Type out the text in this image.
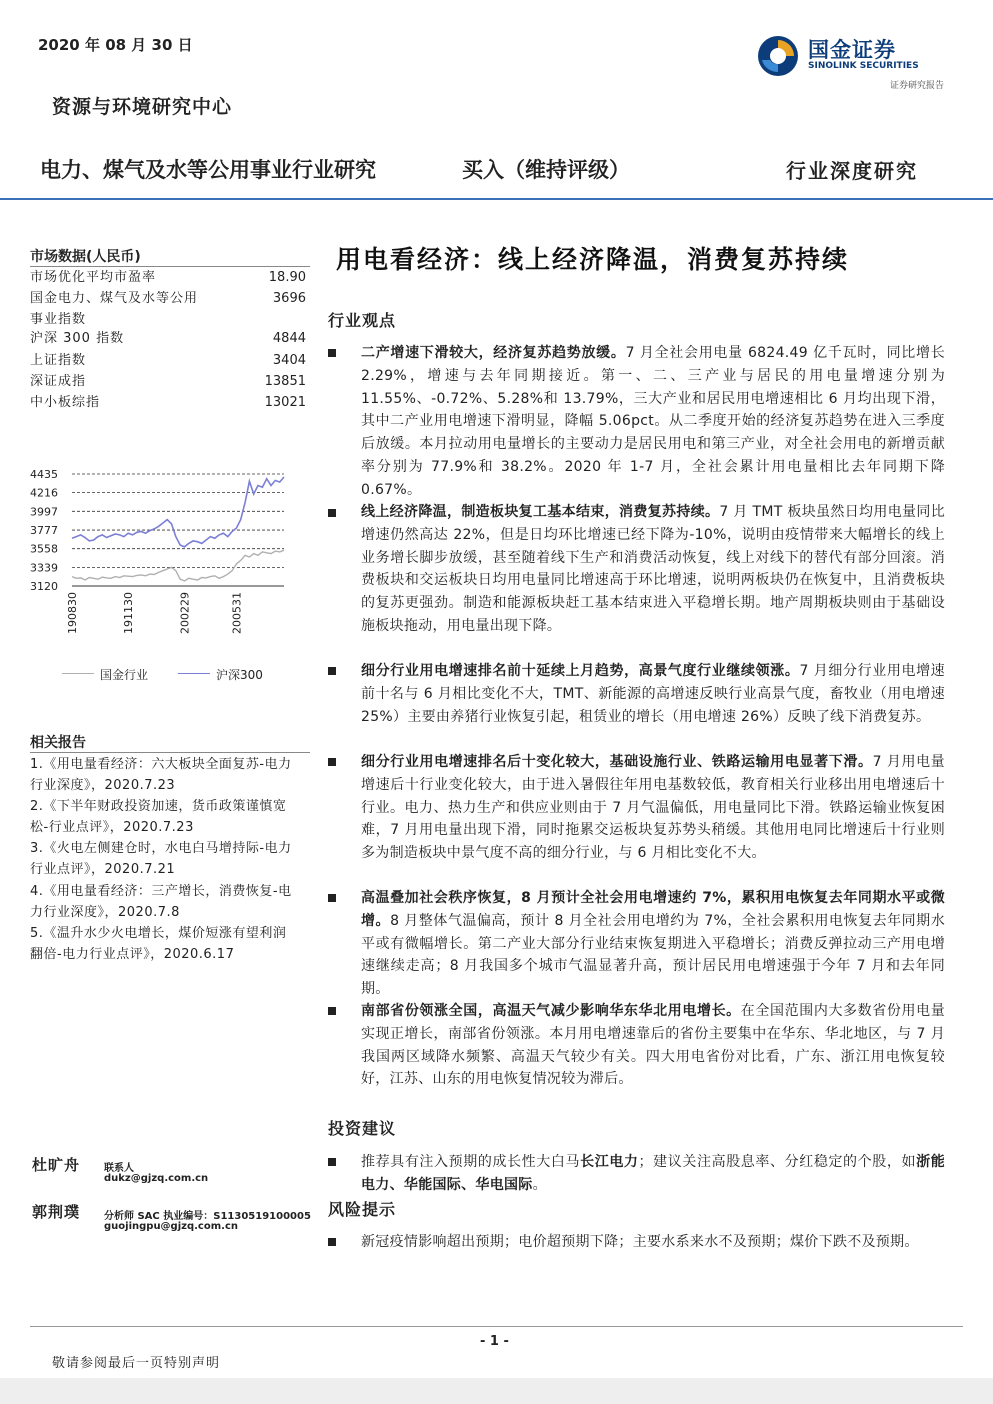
2020 年 08 月 30 日	国金证券
SINOLINK SECURITIES
证券研究报告
资源与环境研究中心
电力、煤气及水等公用事业行业研究	买入（维持评级）	行业深度研究
市场数据(人民币)
市场优化平均市盈率	18.90
国金电力、煤气及水等公用	3696
事业指数
沪深 300 指数	4844
上证指数	3404
深证成指	13851
中小板综指	13021
4435
4216
3997
3777
3558
3339
3120
190830	191130	200229	200531
国金行业	沪深300
相关报告
1.《用电量看经济：六大板块全面复苏-电力
行业深度》，2020.7.23
2.《下半年财政投资加速，货币政策谨慎宽
松-行业点评》，2020.7.23
3.《火电左侧建仓时，水电白马增持际-电力
行业点评》，2020.7.21
4.《用电量看经济：三产增长，消费恢复-电
力行业深度》，2020.7.8
5.《温升水少火电增长，煤价短涨有望利润
翻倍-电力行业点评》，2020.6.17
杜旷舟 联系人
dukz@gjzq.com.cn
郭荆璞 分析师 SAC 执业编号：S1130519100005
guojingpu@gjzq.com.cn
用电看经济：线上经济降温，消费复苏持续
行业观点
二产增速下滑较大，经济复苏趋势放缓。7 月全社会用电量 6824.49 亿千瓦时，同比增长 2.29%，增速与去年同期接近。第一、二、三产业与居民的用电量增速分别为 11.55%、-0.72%、5.28%和 13.79%，三大产业和居民用电增速相比 6 月均出现下滑，其中二产业用电增速下滑明显，降幅 5.06pct。从二季度开始的经济复苏趋势在进入三季度后放缓。本月拉动用电量增长的主要动力是居民用电和第三产业，对全社会用电的新增贡献率分别为 77.9%和 38.2%。2020 年 1-7 月，全社会累计用电量相比去年同期下降 0.67%。
线上经济降温，制造板块复工基本结束，消费复苏持续。7 月 TMT 板块虽然日均用电量同比增速仍然高达 22%，但是日均环比增速已经下降为-10%，说明由疫情带来大幅增长的线上业务增长脚步放缓，甚至随着线下生产和消费活动恢复，线上对线下的替代有部分回滚。消费板块和交运板块日均用电量同比增速高于环比增速，说明两板块仍在恢复中，且消费板块的复苏更强劲。制造和能源板块赶工基本结束进入平稳增长期。地产周期板块则由于基础设施板块拖动，用电量出现下降。
细分行业用电增速排名前十延续上月趋势，高景气度行业继续领涨。7 月细分行业用电增速前十名与 6 月相比变化不大，TMT、新能源的高增速反映行业高景气度，畜牧业（用电增速 25%）主要由养猪行业恢复引起，租赁业的增长（用电增速 26%）反映了线下消费复苏。
细分行业用电增速排名后十变化较大，基础设施行业、铁路运输用电显著下滑。7 月用电量增速后十行业变化较大，由于进入暑假往年用电基数较低，教育相关行业移出用电增速后十行业。电力、热力生产和供应业则由于 7 月气温偏低，用电量同比下滑。铁路运输业恢复困难，7 月用电量出现下滑，同时拖累交运板块复苏势头稍缓。其他用电同比增速后十行业则多为制造板块中景气度不高的细分行业，与 6 月相比变化不大。
高温叠加社会秩序恢复，8 月预计全社会用电增速约 7%，累积用电恢复去年同期水平或微增。8 月整体气温偏高，预计 8 月全社会用电增约为 7%，全社会累积用电恢复去年同期水平或有微幅增长。第二产业大部分行业结束恢复期进入平稳增长；消费反弹拉动三产用电增速继续走高；8 月我国多个城市气温显著升高，预计居民用电增速强于今年 7 月和去年同期。
南部省份领涨全国，高温天气减少影响华东华北用电增长。在全国范围内大多数省份用电量实现正增长，南部省份领涨。本月用电增速靠后的省份主要集中在华东、华北地区，与 7 月我国两区域降水频繁、高温天气较少有关。四大用电省份对比看，广东、浙江用电恢复较好，江苏、山东的用电恢复情况较为滞后。
投资建议
推荐具有注入预期的成长性大白马长江电力；建议关注高股息率、分红稳定的个股，如浙能电力、华能国际、华电国际。
风险提示
新冠疫情影响超出预期；电价超预期下降；主要水系来水不及预期；煤价下跌不及预期。
- 1 -
敬请参阅最后一页特别声明
